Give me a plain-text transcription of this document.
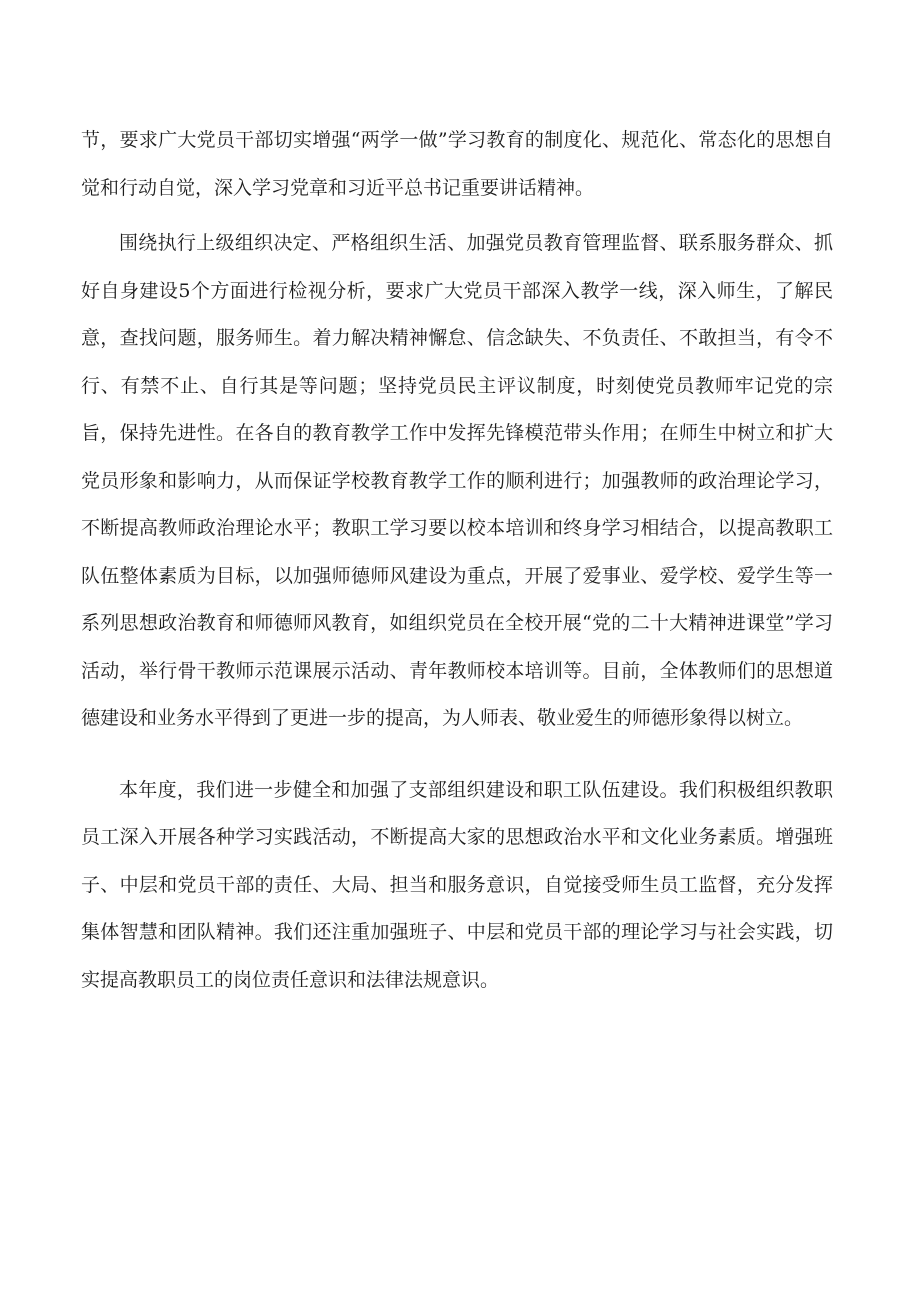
节，要求广大党员干部切实增强“两学一做”学习教育的制度化、规范化、常态化的思想自觉和行动自觉，深入学习党章和习近平总书记重要讲话精神。

围绕执行上级组织决定、严格组织生活、加强党员教育管理监督、联系服务群众、抓好自身建设5个方面进行检视分析，要求广大党员干部深入教学一线，深入师生，了解民意，查找问题，服务师生。着力解决精神懈怠、信念缺失、不负责任、不敢担当，有令不行、有禁不止、自行其是等问题；坚持党员民主评议制度，时刻使党员教师牢记党的宗旨，保持先进性。在各自的教育教学工作中发挥先锋模范带头作用；在师生中树立和扩大党员形象和影响力，从而保证学校教育教学工作的顺利进行；加强教师的政治理论学习，不断提高教师政治理论水平；教职工学习要以校本培训和终身学习相结合，以提高教职工队伍整体素质为目标，以加强师德师风建设为重点，开展了爱事业、爱学校、爱学生等一系列思想政治教育和师德师风教育，如组织党员在全校开展“党的二十大精神进课堂”学习活动，举行骨干教师示范课展示活动、青年教师校本培训等。目前，全体教师们的思想道德建设和业务水平得到了更进一步的提高，为人师表、敬业爱生的师德形象得以树立。

本年度，我们进一步健全和加强了支部组织建设和职工队伍建设。我们积极组织教职员工深入开展各种学习实践活动，不断提高大家的思想政治水平和文化业务素质。增强班子、中层和党员干部的责任、大局、担当和服务意识，自觉接受师生员工监督，充分发挥集体智慧和团队精神。我们还注重加强班子、中层和党员干部的理论学习与社会实践，切实提高教职员工的岗位责任意识和法律法规意识。
